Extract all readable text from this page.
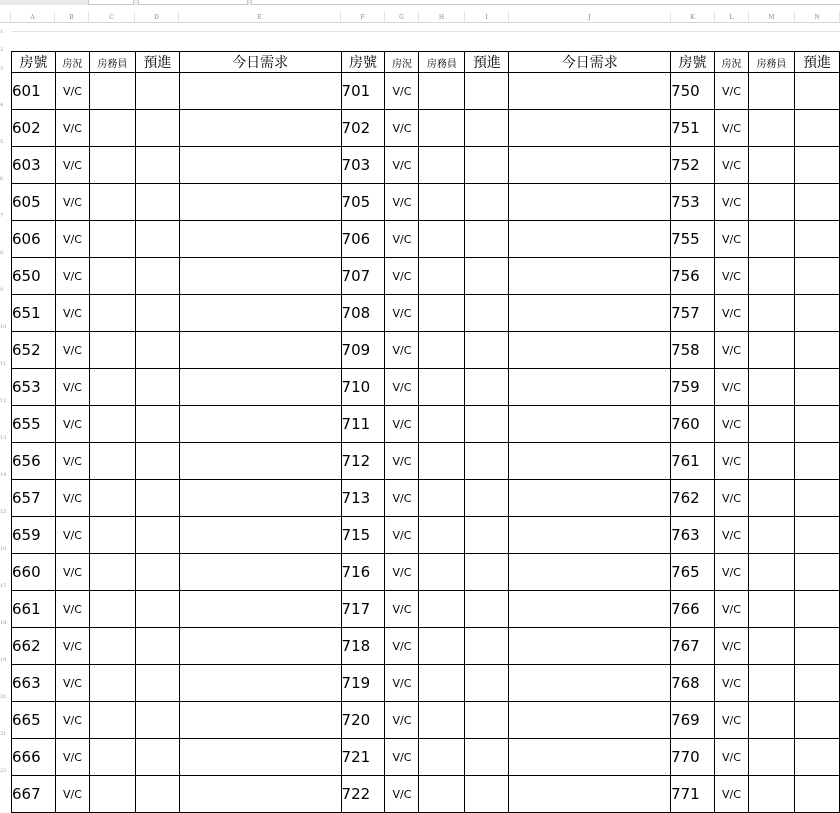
A	B	C	D	E	F	G	H	I	J	K	L	M	N
1
2
3
4
5
6
7
8
9
10
11
12
13
14
15
16
17
18
19
20
21
22
房號	房況	房務員	預進	今日需求	房號	房況	房務員	預進	今日需求	房號	房況	房務員	預進
601	V/C				701	V/C				750	V/C		
602	V/C				702	V/C				751	V/C		
603	V/C				703	V/C				752	V/C		
605	V/C				705	V/C				753	V/C		
606	V/C				706	V/C				755	V/C		
650	V/C				707	V/C				756	V/C		
651	V/C				708	V/C				757	V/C		
652	V/C				709	V/C				758	V/C		
653	V/C				710	V/C				759	V/C		
655	V/C				711	V/C				760	V/C		
656	V/C				712	V/C				761	V/C		
657	V/C				713	V/C				762	V/C		
659	V/C				715	V/C				763	V/C		
660	V/C				716	V/C				765	V/C		
661	V/C				717	V/C				766	V/C		
662	V/C				718	V/C				767	V/C		
663	V/C				719	V/C				768	V/C		
665	V/C				720	V/C				769	V/C		
666	V/C				721	V/C				770	V/C		
667	V/C				722	V/C				771	V/C		
